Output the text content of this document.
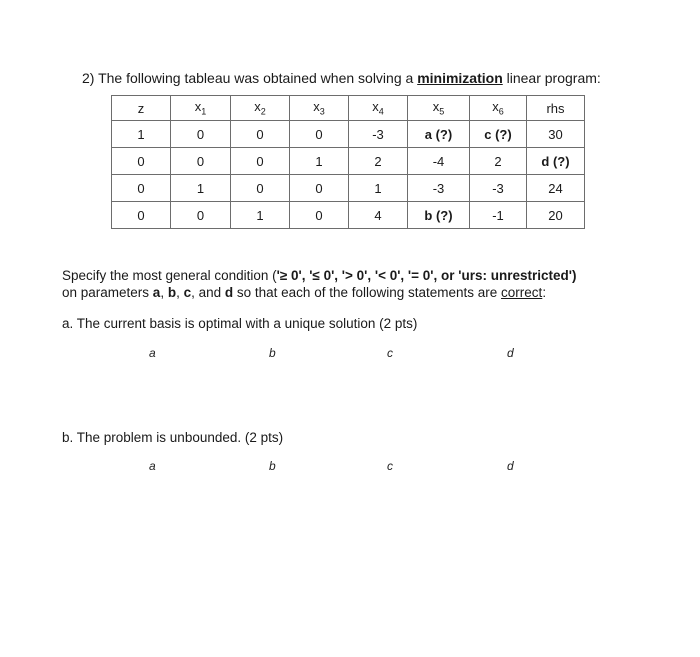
2) The following tableau was obtained when solving a minimization linear program:
z	$x_1$	$x_2$	$x_3$	$x_4$	$x_5$	$x_6$	rhs
1	0	0	0	-3	a (?)	c (?)	30
0	0	0	1	2	-4	2	d (?)
0	1	0	0	1	-3	-3	24
0	0	1	0	4	b (?)	-1	20
Specify the most general condition ('≥ 0', '≤ 0', '> 0', '< 0', '= 0', or 'urs: unrestricted')
on parameters a, b, c, and d so that each of the following statements are correct:
a. The current basis is optimal with a unique solution (2 pts)
a	b	c	d
b. The problem is unbounded. (2 pts)
a	b	c	d
